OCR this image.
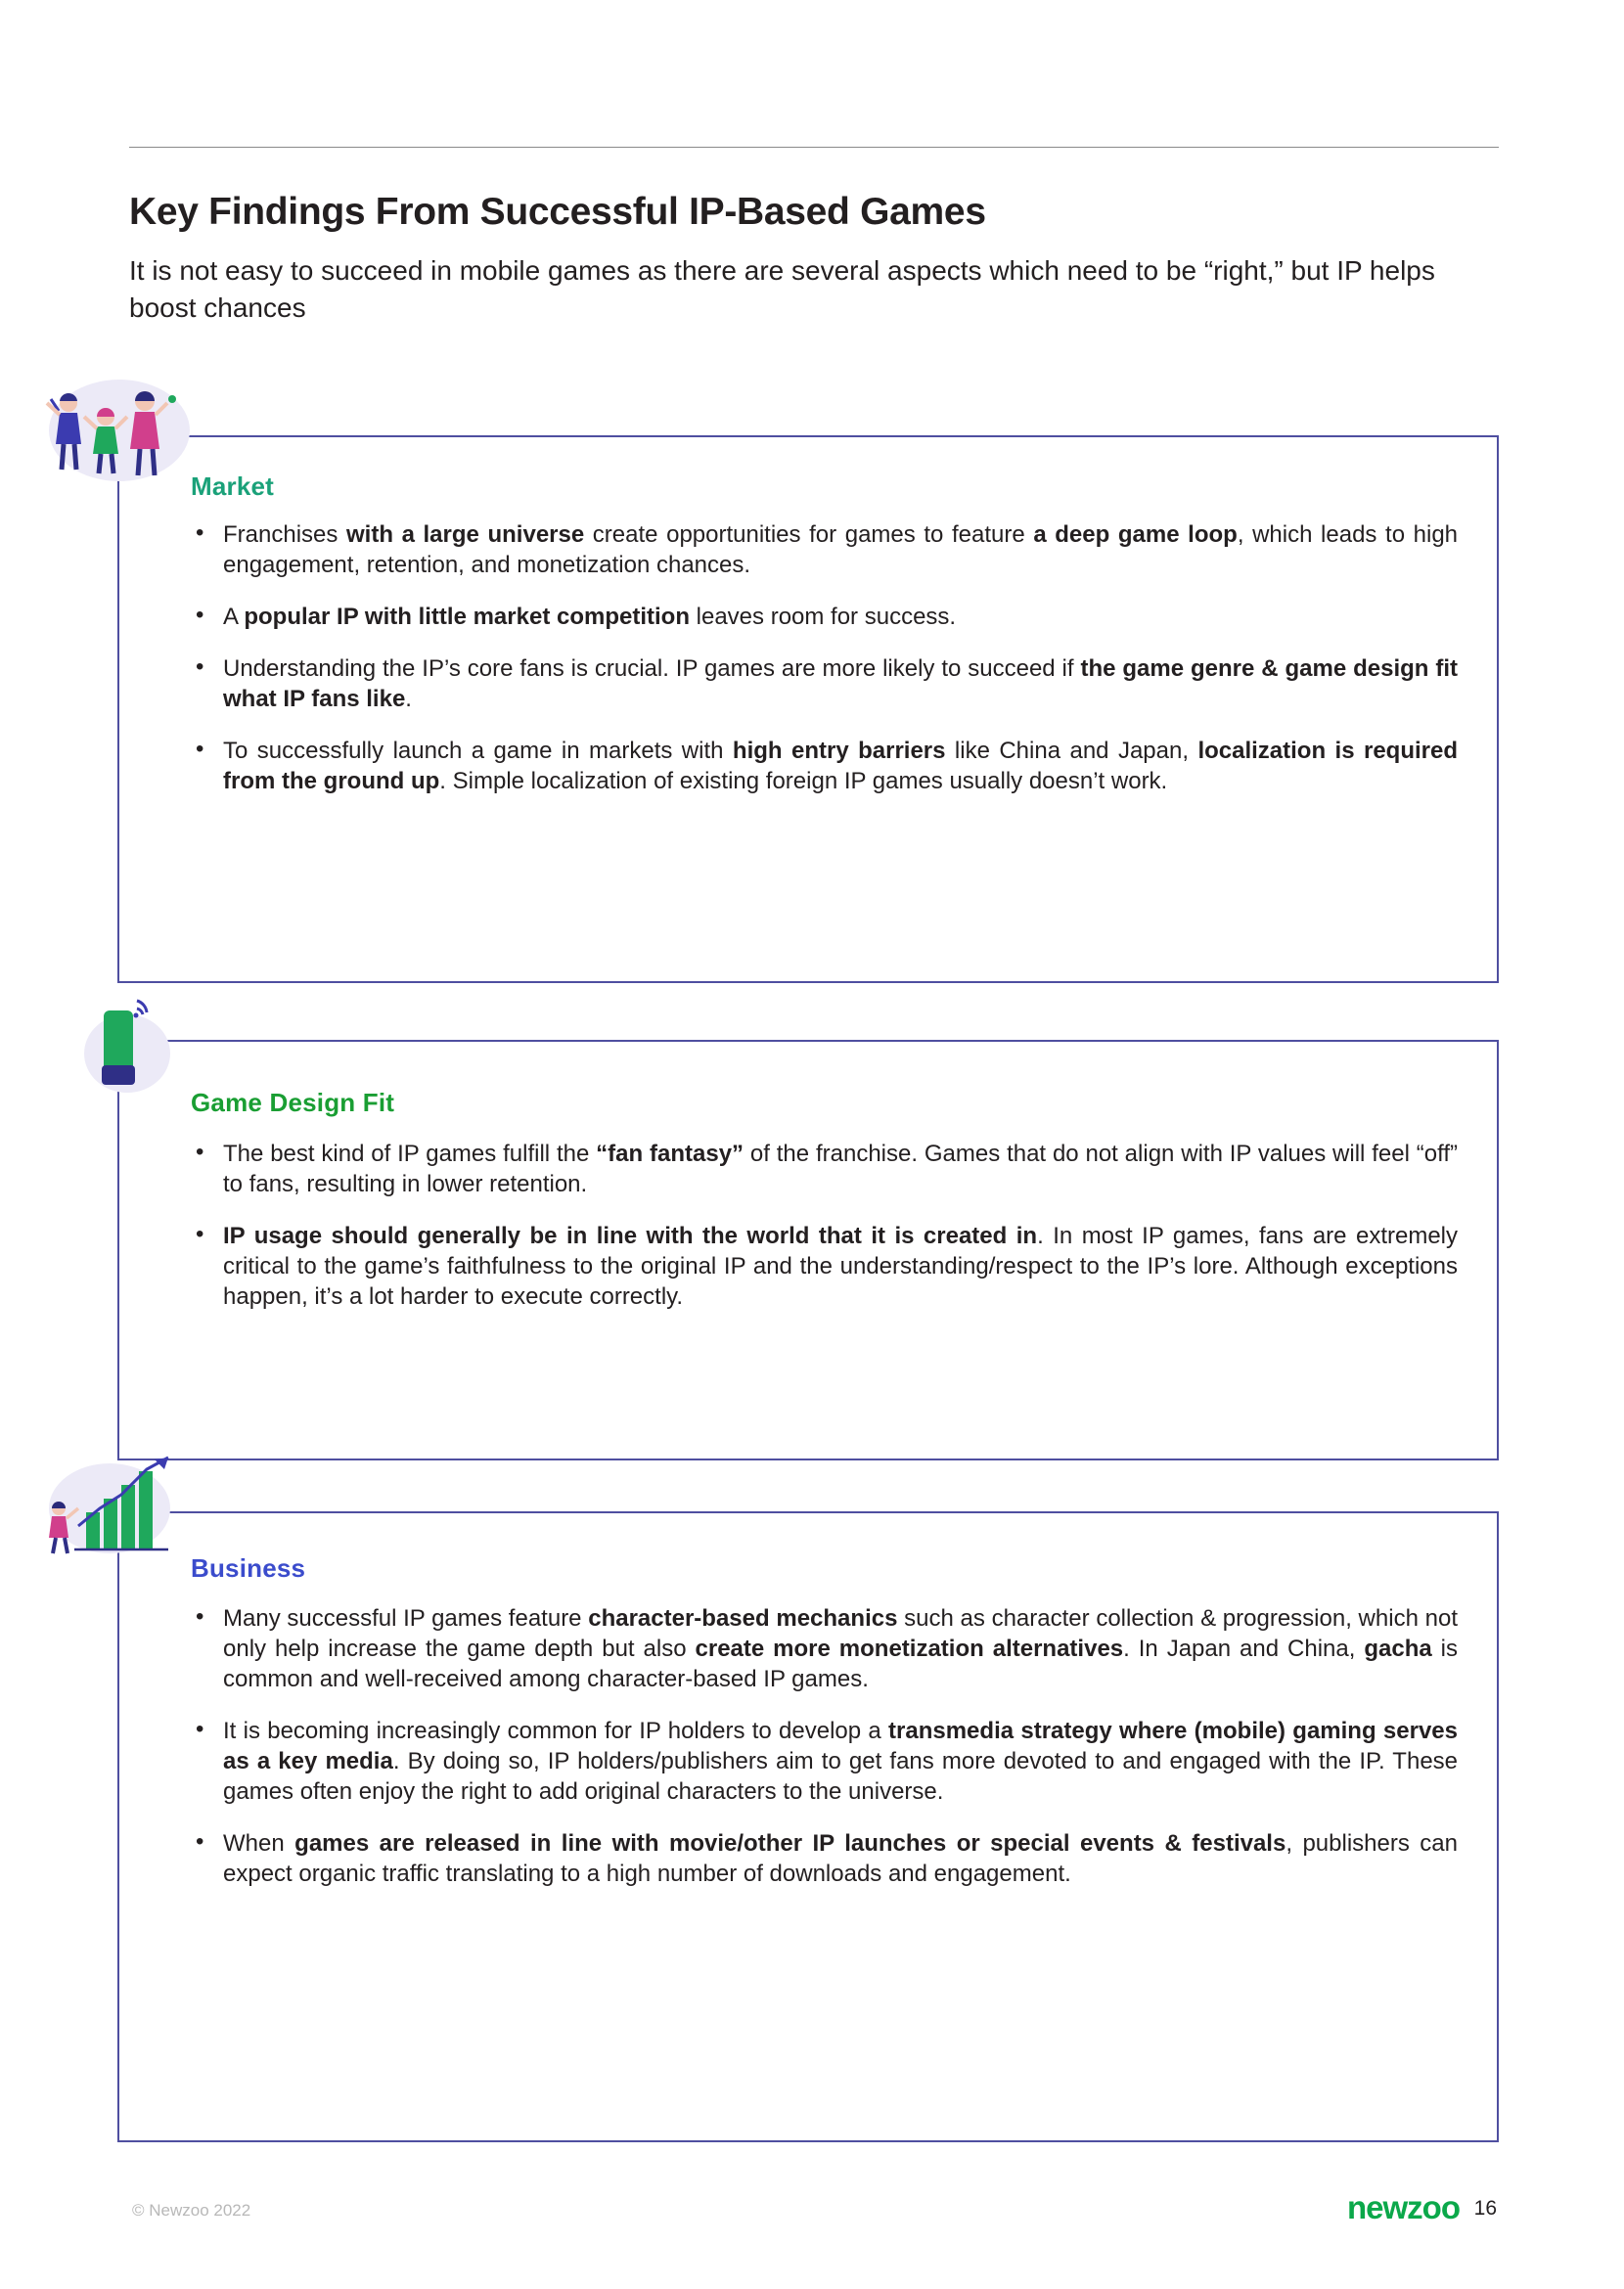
Key Findings From Successful IP-Based Games
It is not easy to succeed in mobile games as there are several aspects which need to be “right,” but IP helps boost chances
Market
• Franchises with a large universe create opportunities for games to feature a deep game loop, which leads to high engagement, retention, and monetization chances.
• A popular IP with little market competition leaves room for success.
• Understanding the IP’s core fans is crucial. IP games are more likely to succeed if the game genre & game design fit what IP fans like.
• To successfully launch a game in markets with high entry barriers like China and Japan, localization is required from the ground up. Simple localization of existing foreign IP games usually doesn’t work.
Game Design Fit
• The best kind of IP games fulfill the “fan fantasy” of the franchise. Games that do not align with IP values will feel “off” to fans, resulting in lower retention.
• IP usage should generally be in line with the world that it is created in. In most IP games, fans are extremely critical to the game’s faithfulness to the original IP and the understanding/respect to the IP’s lore. Although exceptions happen, it’s a lot harder to execute correctly.
Business
• Many successful IP games feature character-based mechanics such as character collection & progression, which not only help increase the game depth but also create more monetization alternatives. In Japan and China, gacha is common and well-received among character-based IP games.
• It is becoming increasingly common for IP holders to develop a transmedia strategy where (mobile) gaming serves as a key media. By doing so, IP holders/publishers aim to get fans more devoted to and engaged with the IP. These games often enjoy the right to add original characters to the universe.
• When games are released in line with movie/other IP launches or special events & festivals, publishers can expect organic traffic translating to a high number of downloads and engagement.
© Newzoo 2022	newzoo 16
